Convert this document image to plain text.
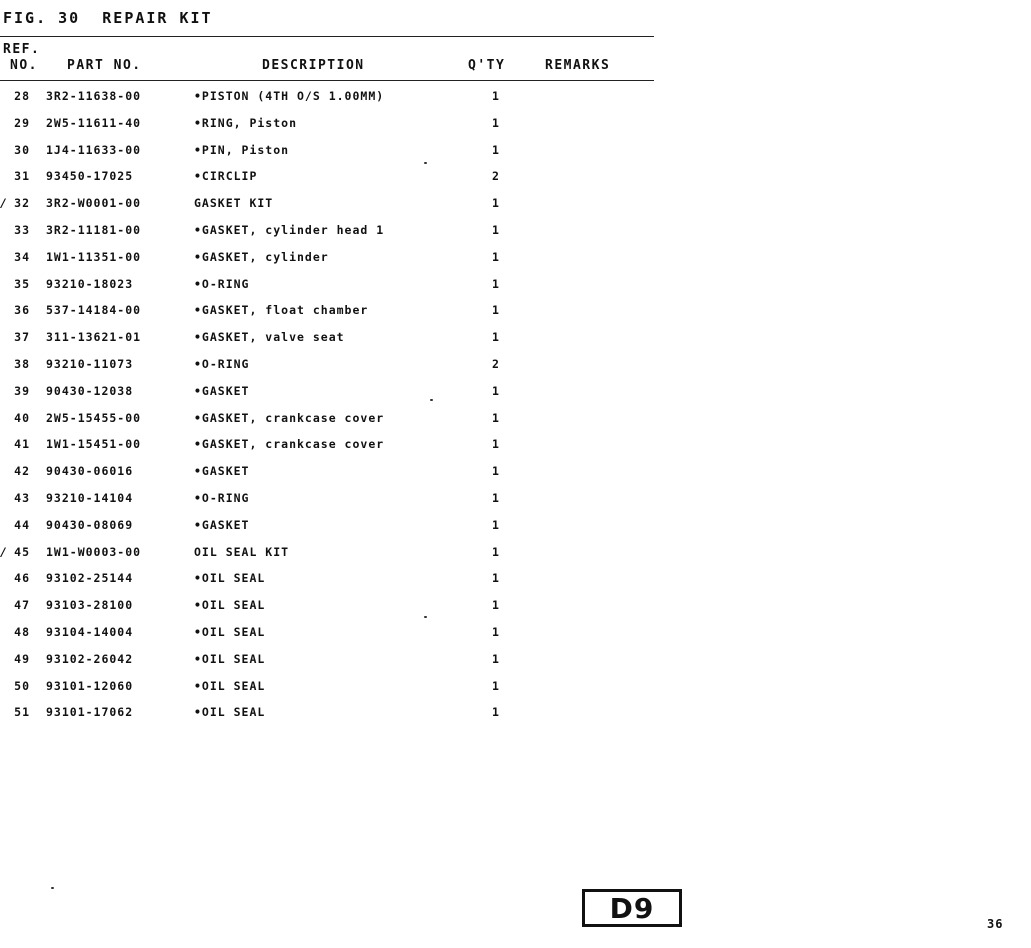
FIG. 30  REPAIR KIT
REF.
NO. PART NO.	DESCRIPTION	Q'TY	REMARKS
28 3R2-11638-00	•PISTON (4TH O/S 1.00MM)	1
29 2W5-11611-40	•RING, Piston	1
30 1J4-11633-00	•PIN, Piston	1
31 93450-17025	•CIRCLIP	2
32 3R2-W0001-00	GASKET KIT	1
/
33 3R2-11181-00	•GASKET, cylinder head 1	1
34 1W1-11351-00	•GASKET, cylinder	1
35 93210-18023	•O-RING	1
36 537-14184-00	•GASKET, float chamber	1
37 311-13621-01	•GASKET, valve seat	1
38 93210-11073	•O-RING	2
39 90430-12038	•GASKET	1
40 2W5-15455-00	•GASKET, crankcase cover	1
41 1W1-15451-00	•GASKET, crankcase cover	1
42 90430-06016	•GASKET	1
43 93210-14104	•O-RING	1
44 90430-08069	•GASKET	1
45 1W1-W0003-00	OIL SEAL KIT	1
/
46 93102-25144	•OIL SEAL	1
47 93103-28100	•OIL SEAL	1
48 93104-14004	•OIL SEAL	1
49 93102-26042	•OIL SEAL	1
50 93101-12060	•OIL SEAL	1
51 93101-17062	•OIL SEAL	1
D9	36
